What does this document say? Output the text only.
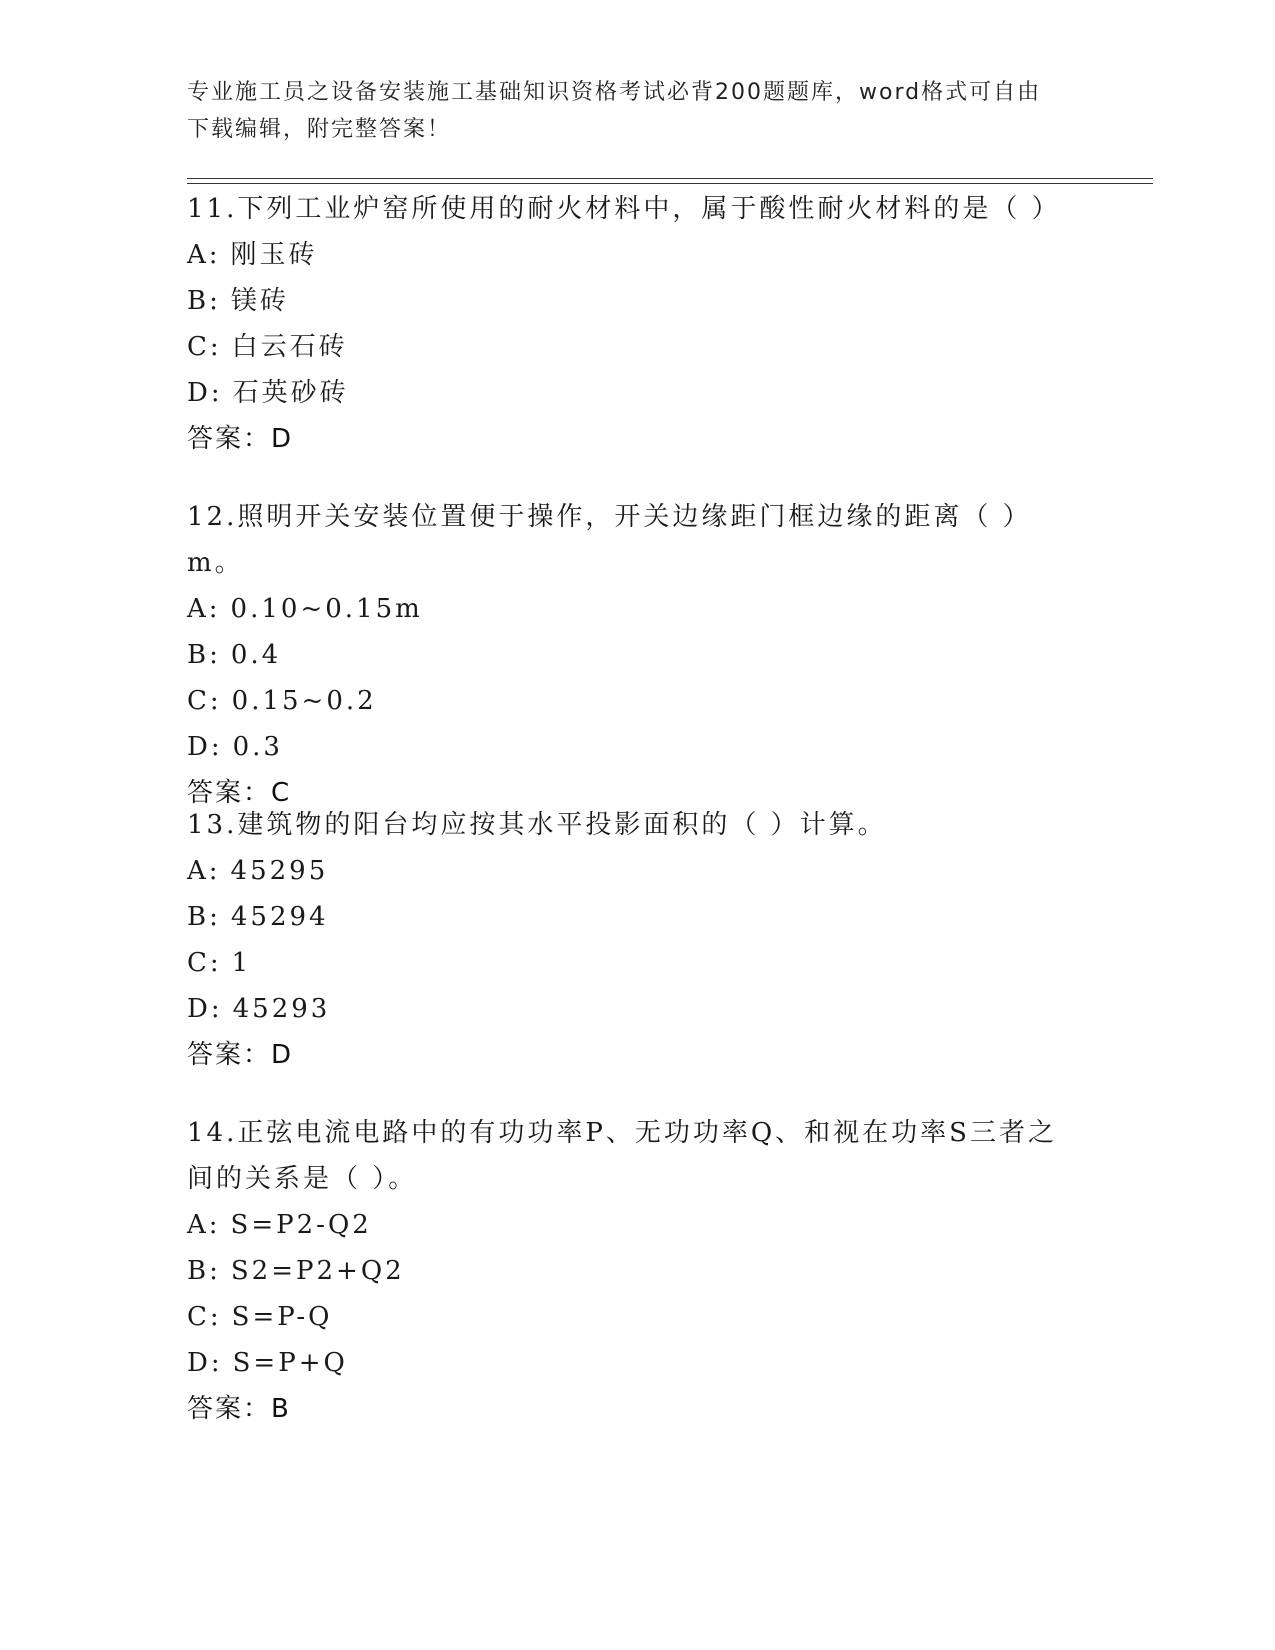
专业施工员之设备安装施工基础知识资格考试必背200题题库，word格式可自由
下载编辑，附完整答案！

11.下列工业炉窑所使用的耐火材料中，属于酸性耐火材料的是（ ）

A: 刚玉砖

B: 镁砖

C: 白云石砖

D: 石英砂砖

答案：D

12.照明开关安装位置便于操作，开关边缘距门框边缘的距离（ ）m。

A: 0.10~0.15m

B: 0.4

C: 0.15~0.2

D: 0.3

答案：C

13.建筑物的阳台均应按其水平投影面积的（ ）计算。

A: 45295

B: 45294

C: 1

D: 45293

答案：D

14.正弦电流电路中的有功功率P、无功功率Q、和视在功率S三者之

间的关系是（ ）。

A: S=P2-Q2

B: S2=P2+Q2

C: S=P-Q

D: S=P+Q

答案：B
